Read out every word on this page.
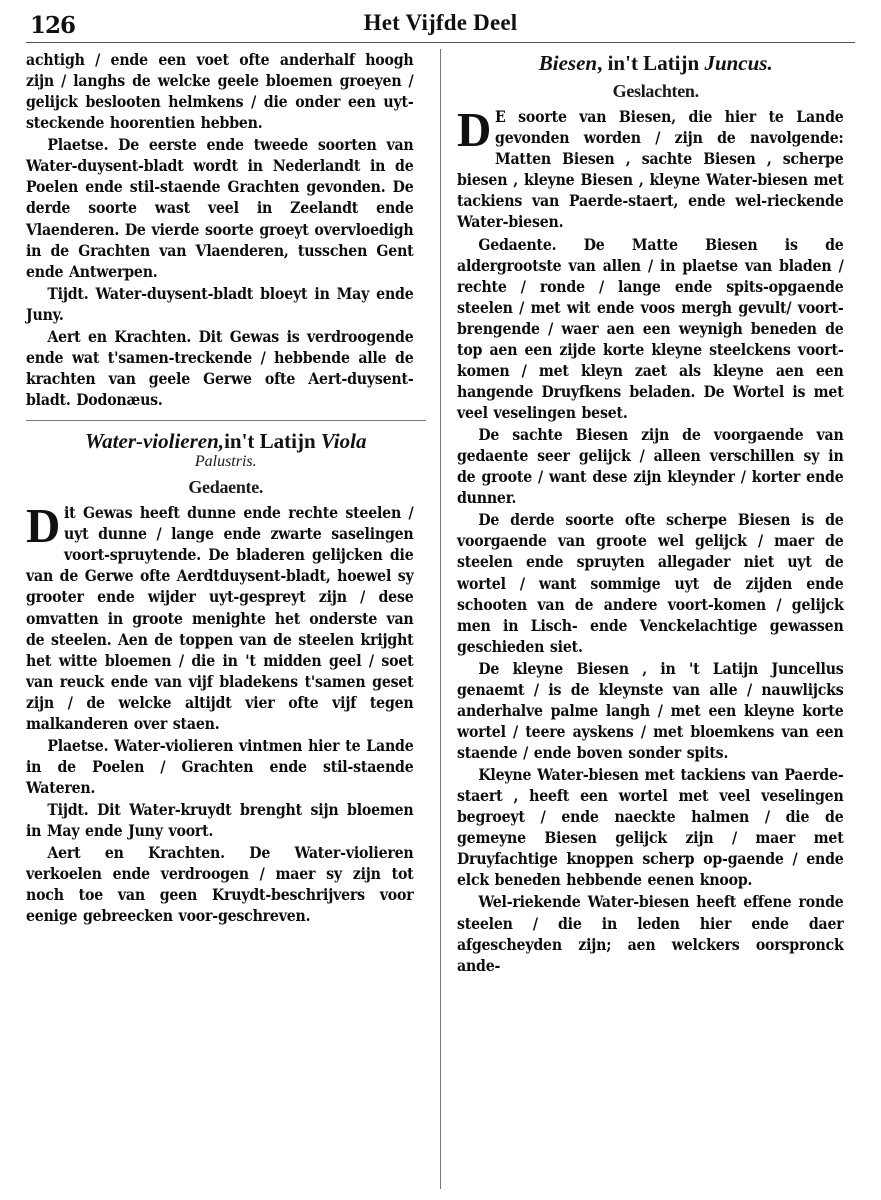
126	Het Vijfde Deel

achtigh / ende een voet ofte anderhalf hoogh zijn / langhs de welcke geele bloemen groeyen / gelijck beslooten helmkens / die onder een uyt-steckende hoorentien hebben.

Plaetse. De eerste ende tweede soorten van Water-duysent-bladt wordt in Nederlandt in de Poelen ende stil-staende Grachten gevonden. De derde soorte wast veel in Zeelandt ende Vlaenderen. De vierde soorte groeyt overvloedigh in de Grachten van Vlaenderen, tusschen Gent ende Antwerpen.

Tijdt. Water-duysent-bladt bloeyt in May ende Juny.

Aert en Krachten. Dit Gewas is verdroogende ende wat t'samen-treckende / hebbende alle de krachten van geele Gerwe ofte Aert-duysent-bladt. Dodonæus.

Water-violieren,in't Latijn Viola
Palustris.
Gedaente.

Dit Gewas heeft dunne ende rechte steelen / uyt dunne / lange ende zwarte saselingen voort-spruytende. De bladeren gelijcken die van de Gerwe ofte Aerdtduysent-bladt, hoewel sy grooter ende wijder uyt-gespreyt zijn / dese omvatten in groote menighte het onderste van de steelen. Aen de toppen van de steelen krijght het witte bloemen / die in 't midden geel / soet van reuck ende van vijf bladekens t'samen geset zijn / de welcke altijdt vier ofte vijf tegen malkanderen over staen.

Plaetse. Water-violieren vintmen hier te Lande in de Poelen / Grachten ende stil-staende Wateren.

Tijdt. Dit Water-kruydt brenght sijn bloemen in May ende Juny voort.

Aert en Krachten. De Water-violieren verkoelen ende verdroogen / maer sy zijn tot noch toe van geen Kruydt-beschrijvers voor eenige gebreecken voor-geschreven.

Biesen, in't Latijn Juncus.
Geslachten.

D E soorte van Biesen, die hier te Lande gevonden worden / zijn de navolgende: Matten Biesen , sachte Biesen , scherpe biesen , kleyne Biesen , kleyne Water-biesen met tackiens van Paerde-staert, ende wel-rieckende Water-biesen.

Gedaente. De Matte Biesen is de aldergrootste van allen / in plaetse van bladen / rechte / ronde / lange ende spits-opgaende steelen / met wit ende voos mergh gevult/ voort-brengende / waer aen een weynigh beneden de top aen een zijde korte kleyne steelckens voort-komen / met kleyn zaet als kleyne aen een hangende Druyfkens beladen. De Wortel is met veel veselingen beset.

De sachte Biesen zijn de voorgaende van gedaente seer gelijck / alleen verschillen sy in de groote / want dese zijn kleynder / korter ende dunner.

De derde soorte ofte scherpe Biesen is de voorgaende van groote wel gelijck / maer de steelen ende spruyten allegader niet uyt de wortel / want sommige uyt de zijden ende schooten van de andere voort-komen / gelijck men in Lisch- ende Venckelachtige gewassen geschieden siet.

De kleyne Biesen , in 't Latijn Juncellus genaemt / is de kleynste van alle / nauwlijcks anderhalve palme langh / met een kleyne korte wortel / teere ayskens / met bloemkens van een staende / ende boven sonder spits.

Kleyne Water-biesen met tackiens van Paerde-staert , heeft een wortel met veel veselingen begroeyt / ende naeckte halmen / die de gemeyne Biesen gelijck zijn / maer met Druyfachtige knoppen scherp op-gaende / ende elck beneden hebbende eenen knoop.

Wel-riekende Water-biesen heeft effene ronde steelen / die in leden hier ende daer afgescheyden zijn; aen welckers oorspronck ande-
